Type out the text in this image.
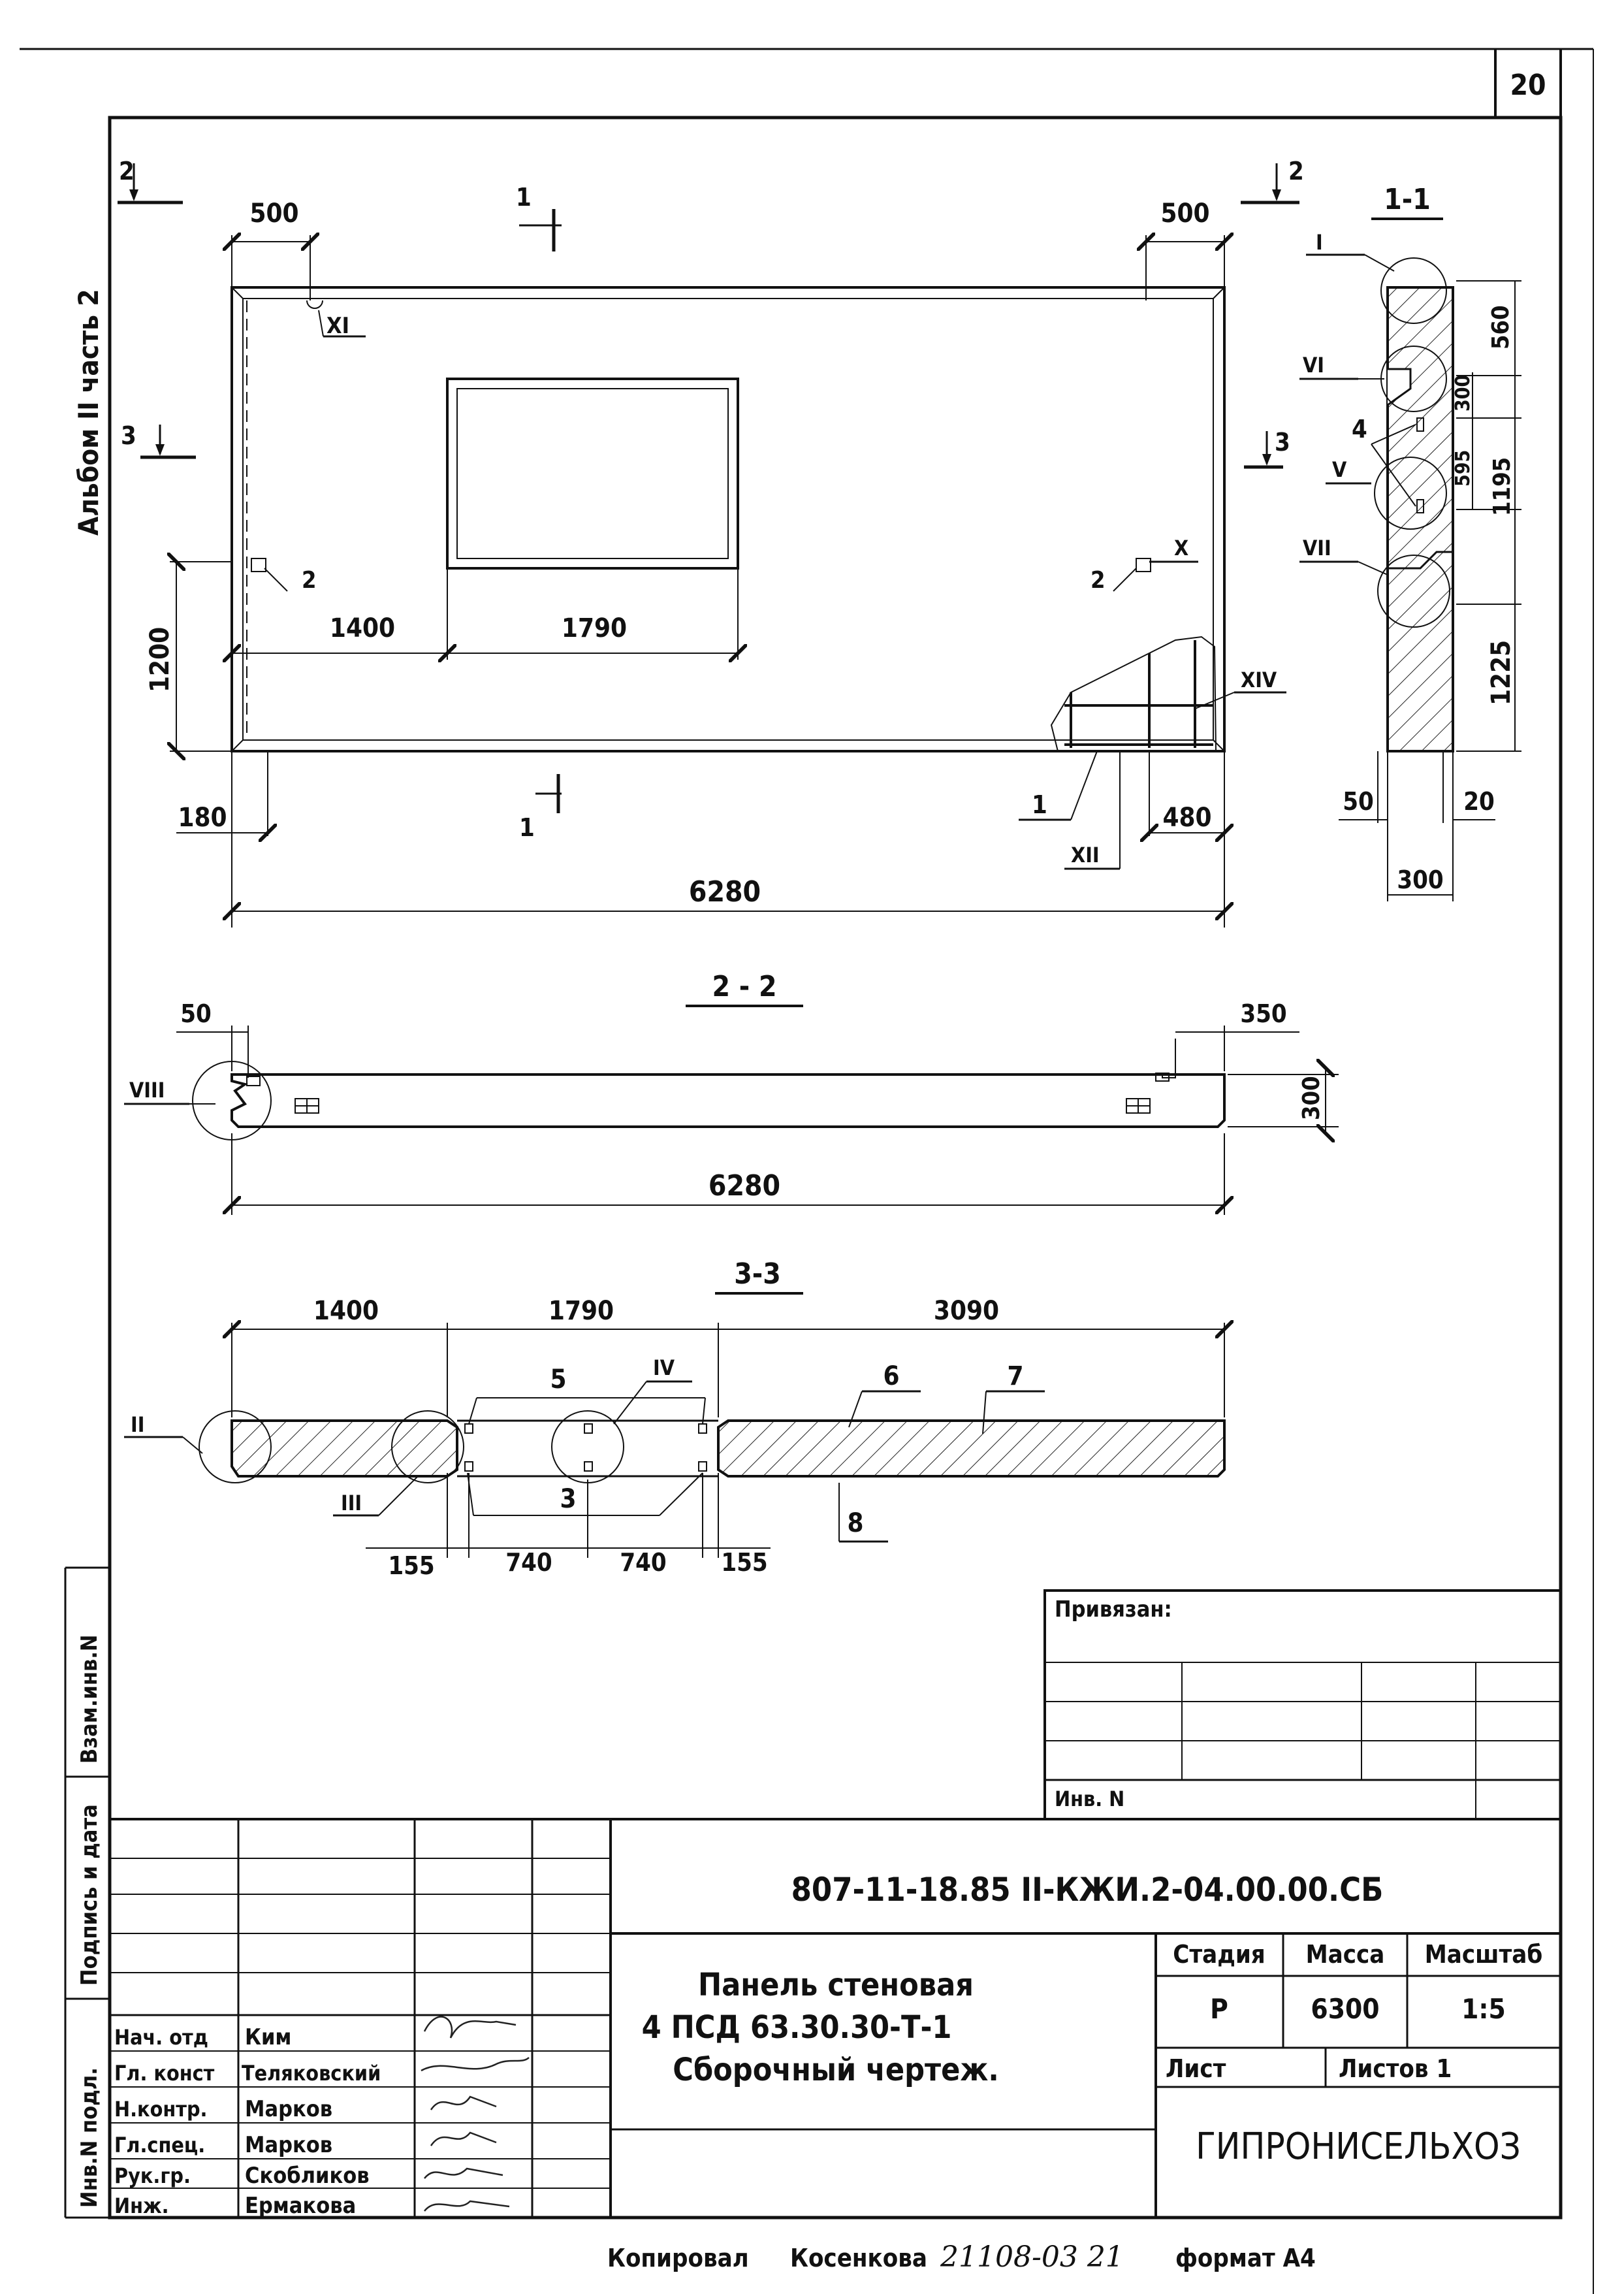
20
Альбом II часть 2
Взам.инв.N
Подпись и дата
Инв.N подл.
2	2
1
1
3	3
500	500
XI
2	2
X
1400	1790
1200	XIV
1
XII
180	480
6280
1-1
I
VI
V
VII
4
560
300
595 1195
1225
50	20
300
2 - 2
VIII
50	350
300
6280
3-3
1400	1790	3090
II
III
IV
5	6	7
3
8
155	740	740 155
Привязан:
Инв. N
807-11-18.85 II-КЖИ.2-04.00.00.СБ
Панель стеновая
4 ПСД 63.30.30-Т-1
Сборочный чертеж.
Стадия Масса Масштаб
Р	6300	1:5
Лист	Листов 1
ГИПРОНИСЕЛЬХОЗ
Нач. отд Ким
Гл. конст Теляковский
Н.контр. Марков
Гл.спец. Марков
Рук.гр. Скобликов
Инж.	Ермакова
Копировал Косенкова 21108-03 21 формат А4
